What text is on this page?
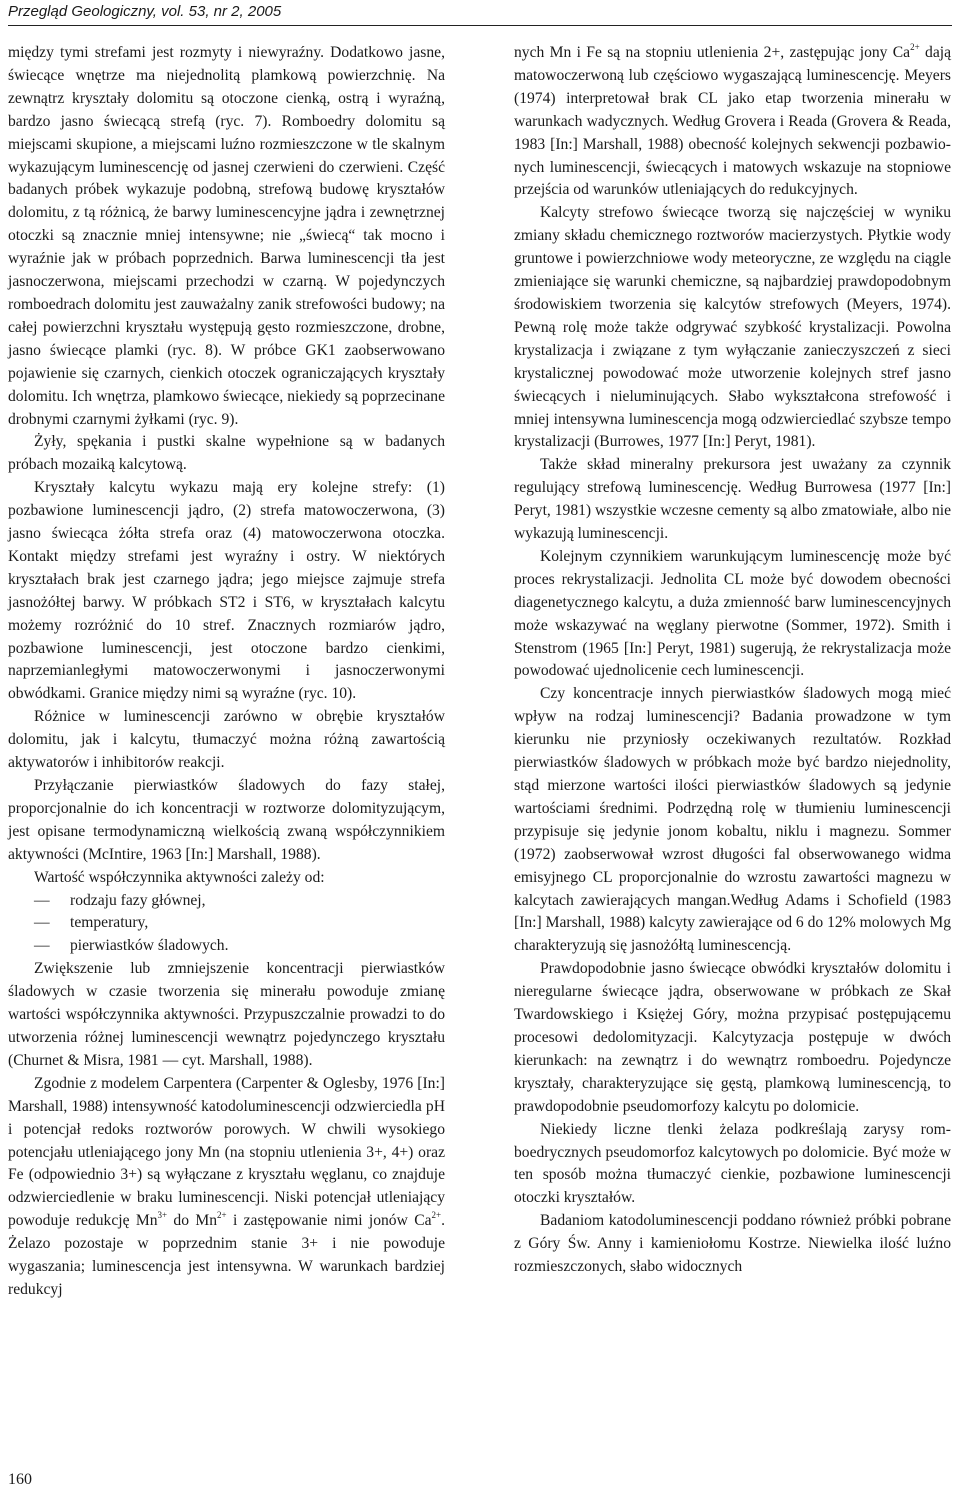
Przegląd Geologiczny, vol. 53, nr 2, 2005

między tymi strefami jest rozmyty i niewyraźny. Dodatkowo jasne, świecące wnętrze ma niejednolitą plamkową powierzchnię. Na zewnątrz kryształy dolomitu są otoczone cienką, ostrą i wyraźną, bardzo jasno świecącą strefą (ryc. 7). Romboedry dolomitu są miejscami skupione, a miejscami luźno rozmieszczone w tle skalnym wykazującym luminescencję od jasnej czerwieni do czerwieni. Część badanych próbek wykazuje podobną, strefową budowę kryształów dolomitu, z tą różnicą, że barwy luminescencyjne jądra i zewnętrznej otoczki są znacznie mniej intensywne; nie „świecą“ tak mocno i wyraźnie jak w próbach poprzednich. Barwa luminescencji tła jest jasnoczerwona, miejscami przechodzi w czarną. W pojedynczych romboedrach dolomitu jest zauważalny zanik strefowości budowy; na całej powierzchni kryształu występują gęsto rozmieszczone, drobne, jasno świecące plamki (ryc. 8). W próbce GK1 zaobserwowano pojawienie się czarnych, cienkich otoczek ograniczających kryształy dolomitu. Ich wnętrza, plamkowo świecące, niekiedy są poprzecinane drobnymi czarnymi żyłkami (ryc. 9).

Żyły, spękania i pustki skalne wypełnione są w badanych próbach mozaiką kalcytową.

Kryształy kalcytu wykazu mają ery kolejne strefy: (1) pozbawione luminescencji jądro, (2) strefa matowoczerwona, (3) jasno świecąca żółta strefa oraz (4) matowoczerwona otoczka. Kontakt między strefami jest wyraźny i ostry. W niektórych kryształach brak jest czarnego jądra; jego miejsce zajmuje strefa jasnożółtej barwy. W próbkach ST2 i ST6, w kryształach kalcytu możemy rozróżnić do 10 stref. Znacznych rozmiarów jądro, pozbawione luminescencji, jest otoczone bardzo cienkimi, naprzemianległymi matowoczerwonymi i jasnoczerwonymi obwódkami. Granice między nimi są wyraźne (ryc. 10).

Różnice w luminescencji zarówno w obrębie kryształów dolomitu, jak i kalcytu, tłumaczyć można różną zawartością aktywatorów i inhibitorów reakcji.

Przyłączanie pierwiastków śladowych do fazy stałej, proporcjonalnie do ich koncentracji w roztworze dolomityzującym, jest opisane termodynamiczną wielkością zwaną współczynnikiem aktywności (McIntire, 1963 [In:] Marshall, 1988).

Wartość współczynnika aktywności zależy od:

— rodzaju fazy głównej,
— temperatury,
— pierwiastków śladowych.

Zwiększenie lub zmniejszenie koncentracji pierwiastków śladowych w czasie tworzenia się minerału powoduje zmianę wartości współczynnika aktywności. Przypuszczalnie prowadzi to do utworzenia różnej luminescencji wewnątrz pojedynczego kryształu (Churnet & Misra, 1981 — cyt. Marshall, 1988).

Zgodnie z modelem Carpentera (Carpenter & Oglesby, 1976 [In:] Marshall, 1988) intensywność katodoluminescencji odzwierciedla pH i potencjał redoks roztworów porowych. W chwili wysokiego potencjału utleniającego jony Mn (na stopniu utlenienia 3+, 4+) oraz Fe (odpowiednio 3+) są wyłączane z kryształu węglanu, co znajduje odzwierciedlenie w braku luminescencji. Niski potencjał utleniający powoduje redukcję $Mn^{3+}$ do $Mn^{2+}$ i zastępowanie nimi jonów $Ca^{2+}$. Żelazo pozostaje w poprzednim stanie 3+ i nie powoduje wygaszania; luminescencja jest intensywna. W warunkach bardziej redukcyj

nych Mn i Fe są na stopniu utlenienia 2+, zastępując jony $Ca^{2+}$ dają matowoczerwoną lub częściowo wygaszającą luminescencję. Meyers (1974) interpretował brak CL jako etap tworzenia minerału w warunkach wadycznych. Według Grovera i Reada (Grovera & Reada, 1983 [In:] Marshall, 1988) obecność kolejnych sekwencji pozbawionych luminescencji, świecących i matowych wskazuje na stopniowe przejścia od warunków utleniających do redukcyjnych.

Kalcyty strefowo świecące tworzą się najczęściej w wyniku zmiany składu chemicznego roztworów macierzystych. Płytkie wody gruntowe i powierzchniowe wody meteoryczne, ze względu na ciągle zmieniające się warunki chemiczne, są najbardziej prawdopodobnym środowiskiem tworzenia się kalcytów strefowych (Meyers, 1974). Pewną rolę może także odgrywać szybkość krystalizacji. Powolna krystalizacja i związane z tym wyłączanie zanieczyszczeń z sieci krystalicznej powodować może utworzenie kolejnych stref jasno świecących i nieluminujących. Słabo wykształcona strefowość i mniej intensywna luminescencja mogą odzwierciedlać szybsze tempo krystalizacji (Burrowes, 1977 [In:] Peryt, 1981).

Także skład mineralny prekursora jest uważany za czynnik regulujący strefową luminescencję. Według Burrowesa (1977 [In:] Peryt, 1981) wszystkie wczesne cementy są albo zmatowiałe, albo nie wykazują luminescencji.

Kolejnym czynnikiem warunkującym luminescencję może być proces rekrystalizacji. Jednolita CL może być dowodem obecności diagenetycznego kalcytu, a duża zmienność barw luminescencyjnych może wskazywać na węglany pierwotne (Sommer, 1972). Smith i Stenstrom (1965 [In:] Peryt, 1981) sugerują, że rekrystalizacja może powodować ujednolicenie cech luminescencji.

Czy koncentracje innych pierwiastków śladowych mogą mieć wpływ na rodzaj luminescencji? Badania prowadzone w tym kierunku nie przyniosły oczekiwanych rezultatów. Rozkład pierwiastków śladowych w próbkach może być bardzo niejednolity, stąd mierzone wartości ilości pierwiastków śladowych są jedynie wartościami średnimi. Podrzędną rolę w tłumieniu luminescencji przypisuje się jedynie jonom kobaltu, niklu i magnezu. Sommer (1972) zaobserwował wzrost długości fal obserwowanego widma emisyjnego CL proporcjonalnie do wzrostu zawartości magnezu w kalcytach zawierających mangan.Według Adams i Schofield (1983 [In:] Marshall, 1988) kalcyty zawierające od 6 do 12% molowych Mg charakteryzują się jasnożółtą luminescencją.

Prawdopodobnie jasno świecące obwódki kryształów dolomitu i nieregularne świecące jądra, obserwowane w próbkach ze Skał Twardowskiego i Księżej Góry, można przypisać postępującemu procesowi dedolomityzacji. Kalcytyzacja postępuje w dwóch kierunkach: na zewnątrz i do wewnątrz romboedru. Pojedyncze kryształy, charakteryzujące się gęstą, plamkową luminescencją, to prawdopodobnie pseudomorfozy kalcytu po dolomicie.

Niekiedy liczne tlenki żelaza podkreślają zarysy romboedrycznych pseudomorfoz kalcytowych po dolomicie. Być może w ten sposób można tłumaczyć cienkie, pozbawione luminescencji otoczki kryształów.

Badaniom katodoluminescencji poddano również próbki pobrane z Góry Św. Anny i kamieniołomu Kostrze. Niewielka ilość luźno rozmieszczonych, słabo widocznych

160
